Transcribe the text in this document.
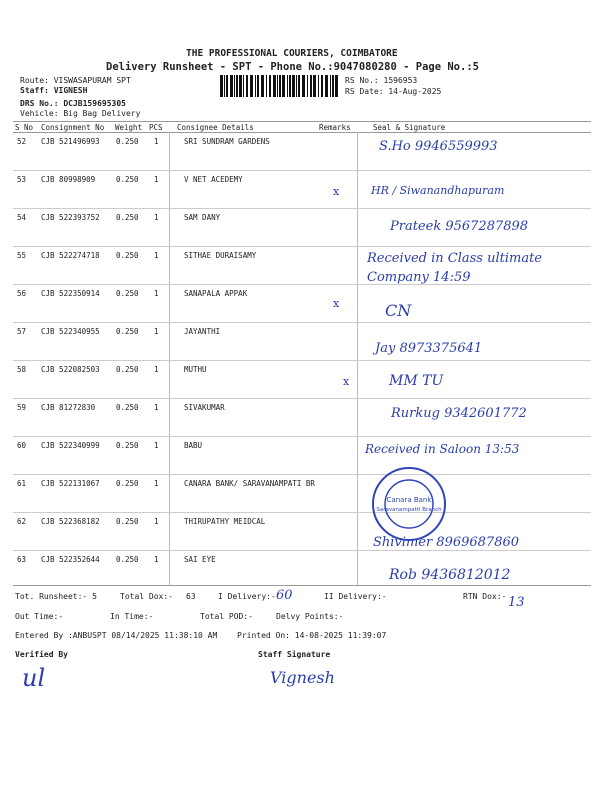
THE PROFESSIONAL COURIERS, COIMBATORE
Delivery Runsheet - SPT - Phone No.:9047080280 - Page No.:5
Route: VISWASAPURAM SPT
Staff: VIGNESH
DRS No.: DCJB159695305
Vehicle: Big Bag Delivery
RS No.: 1596953
RS Date: 14-Aug-2025
S No Consignment No Weight PCS Consignee Details	Remarks	Seal & Signature
52 CJB 521496993 0.250 1	SRI SUNDRAM GARDENS	S.Ho 9946559993
53 CJB 80998909	0.250 1	V NET ACEDEMY
x	HR / Siwanandhapuram
54 CJB 522393752 0.250 1	SAM DANY
Prateek 9567287898
55 CJB 522274718 0.250 1	SITHAE DURAISAMY	Received in Class ultimate Company 14:59
56 CJB 522350914 0.250 1	SANAPALA APPAK
x	CN
57 CJB 522340955 0.250 1	JAYANTHI
Jay 8973375641
58 CJB 522082503 0.250 1	MUTHU
x	MM TU
59 CJB 81272830	0.250 1	SIVAKUMAR	Rurkug 9342601772
60 CJB 522340999 0.250 1	BABU	Received in Saloon 13:53
61 CJB 522131067 0.250 1	CANARA BANK/ SARAVANAMPATI BR
62 CJB 522368182 0.250 1	THIRUPATHY MEIDCAL
Shivimer 8969687860
63 CJB 522352644 0.250 1	SAI EYE
Rob 9436812012
Canara Bank
Saravanampatti Branch
Tot. Runsheet:- 5	Total Dox:- 63	I Delivery:- 60	II Delivery:-	RTN Dox:- 13
Out Time:-	In Time:-	Total POD:-	Delvy Points:-
Entered By :ANBUSPT 08/14/2025 11:38:10 AM Printed On: 14-08-2025 11:39:07
Verified By	Staff Signature
ul	Vignesh
